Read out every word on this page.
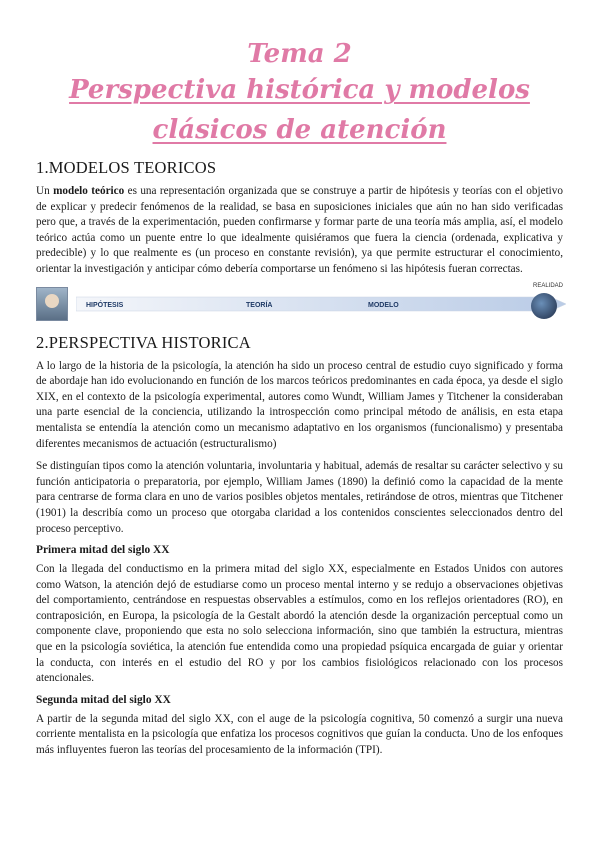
Tema 2
Perspectiva histórica y modelos
clásicos de atención
1.MODELOS TEORICOS

Un modelo teórico es una representación organizada que se construye a partir de hipótesis y teorías con el objetivo de explicar y predecir fenómenos de la realidad, se basa en suposiciones iniciales que aún no han sido verificadas pero que, a través de la experimentación, pueden confirmarse y formar parte de una teoría más amplia, así, el modelo teórico actúa como un puente entre lo que idealmente quisiéramos que fuera la ciencia (ordenada, explicativa y predecible) y lo que realmente es (un proceso en constante revisión), ya que permite estructurar el conocimiento, orientar la investigación y anticipar cómo debería comportarse un fenómeno si las hipótesis fueran correctas.

HIPÓTESIS	TEORÍA	MODELO
REALIDAD
2.PERSPECTIVA HISTORICA

A lo largo de la historia de la psicología, la atención ha sido un proceso central de estudio cuyo significado y forma de abordaje han ido evolucionando en función de los marcos teóricos predominantes en cada época, ya desde el siglo XIX, en el contexto de la psicología experimental, autores como Wundt, William James y Titchener la consideraban una parte esencial de la conciencia, utilizando la introspección como principal método de análisis, en esta etapa mentalista se entendía la atención como un mecanismo adaptativo en los organismos (funcionalismo) y presentaba diferentes mecanismos de actuación (estructuralismo)

Se distinguían tipos como la atención voluntaria, involuntaria y habitual, además de resaltar su carácter selectivo y su función anticipatoria o preparatoria, por ejemplo, William James (1890) la definió como la capacidad de la mente para centrarse de forma clara en uno de varios posibles objetos mentales, retirándose de otros, mientras que Titchener (1901) la describía como un proceso que otorgaba claridad a los contenidos conscientes seleccionados dentro del proceso perceptivo.

Primera mitad del siglo XX

Con la llegada del conductismo en la primera mitad del siglo XX, especialmente en Estados Unidos con autores como Watson, la atención dejó de estudiarse como un proceso mental interno y se redujo a observaciones objetivas del comportamiento, centrándose en respuestas observables a estímulos, como en los reflejos orientadores (RO), en contraposición, en Europa, la psicología de la Gestalt abordó la atención desde la organización perceptual como un componente clave, proponiendo que esta no solo selecciona información, sino que también la estructura, mientras que en la psicología soviética, la atención fue entendida como una propiedad psíquica encargada de guiar y orientar la conducta, con interés en el estudio del RO y por los cambios fisiológicos relacionado con los procesos atencionales.

Segunda mitad del siglo XX

A partir de la segunda mitad del siglo XX, con el auge de la psicología cognitiva, 50 comenzó a surgir una nueva corriente mentalista en la psicología que enfatiza los procesos cognitivos que guían la conducta. Uno de los enfoques más influyentes fueron las teorías del procesamiento de la información (TPI).
